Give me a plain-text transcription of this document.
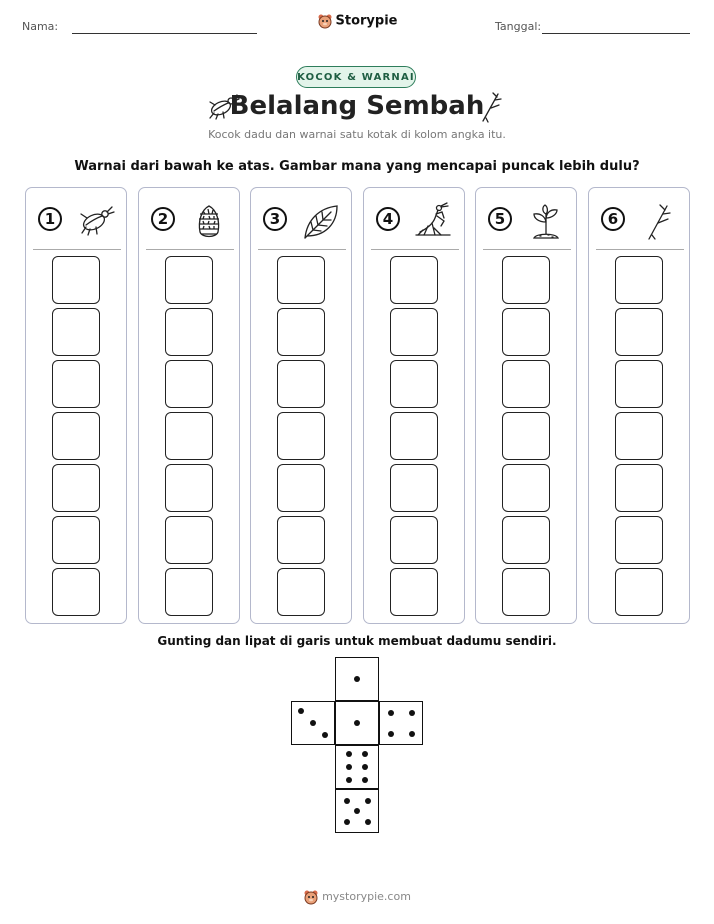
Nama:	Storypie	Tanggal:
KOCOK & WARNAI
Belalang Sembah
Kocok dadu dan warnai satu kotak di kolom angka itu.
Warnai dari bawah ke atas. Gambar mana yang mencapai puncak lebih dulu?
1	2	3	4	5	6
Gunting dan lipat di garis untuk membuat dadumu sendiri.
mystorypie.com
